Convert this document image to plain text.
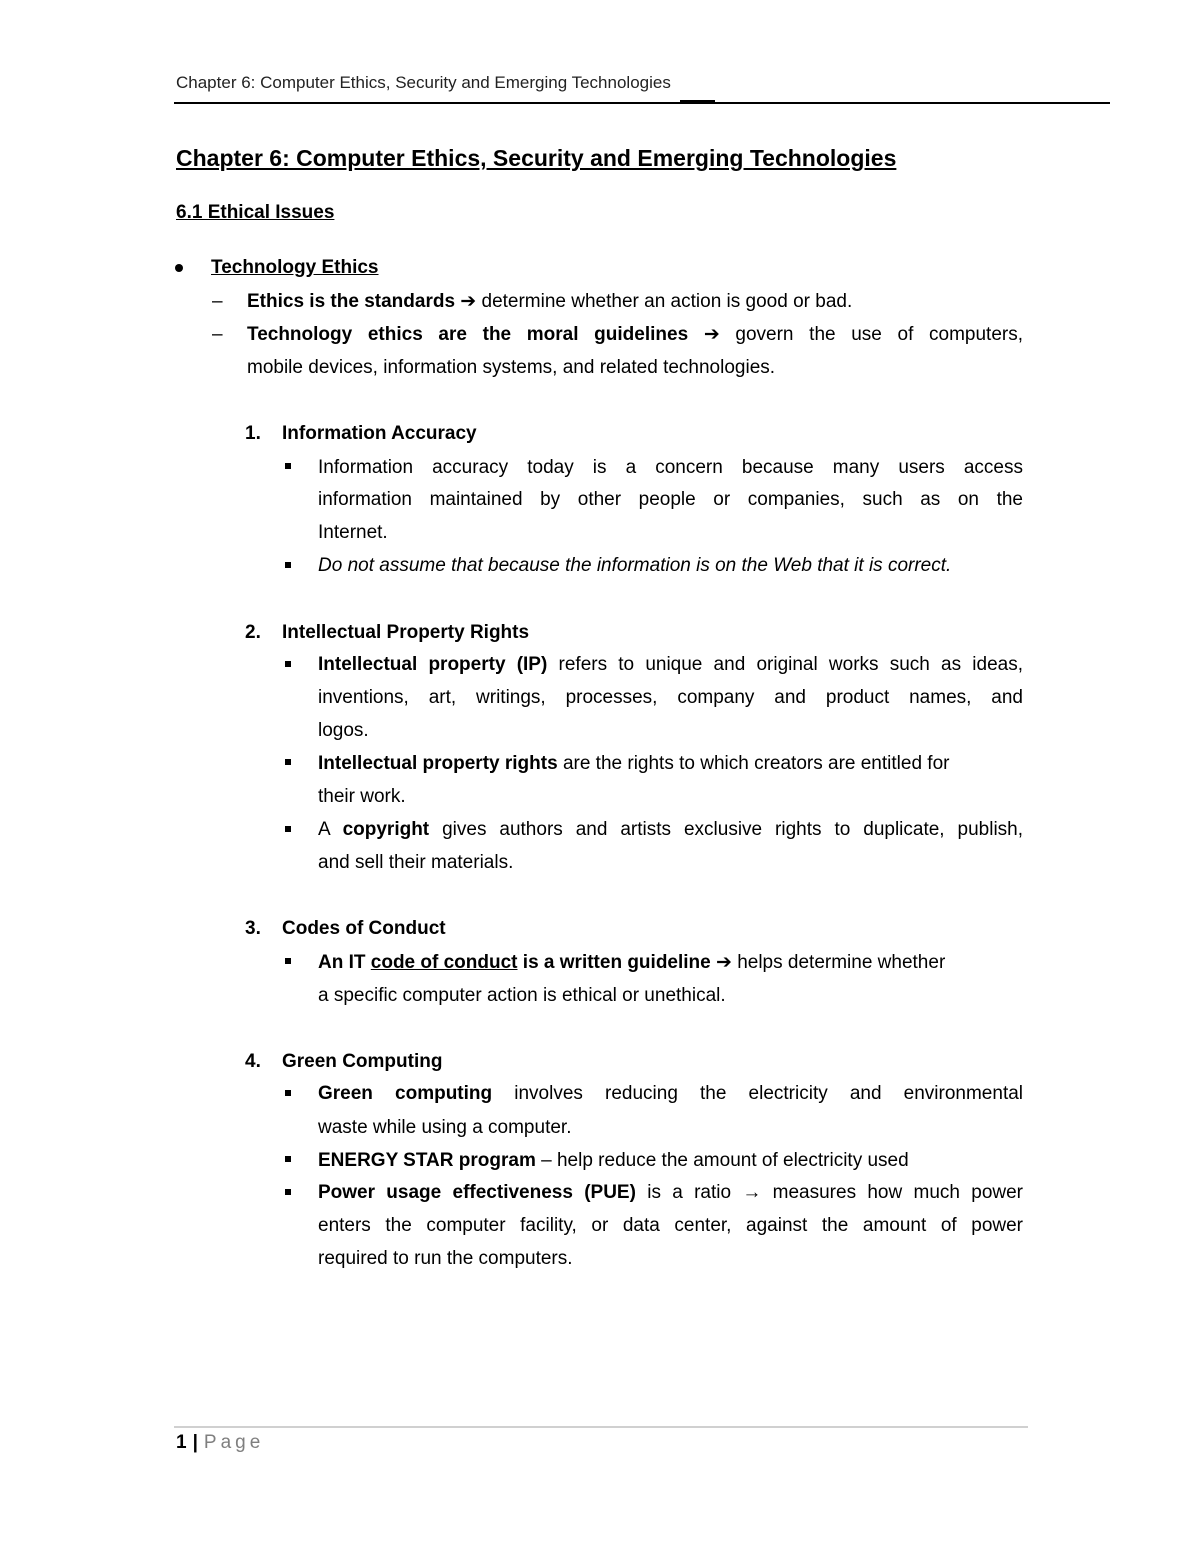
Chapter 6: Computer Ethics, Security and Emerging Technologies
Chapter 6: Computer Ethics, Security and Emerging Technologies
6.1 Ethical Issues
Technology Ethics
– Ethics is the standards ➔ determine whether an action is good or bad.
– Technology ethics are the moral guidelines ➔ govern the use of computers,
mobile devices, information systems, and related technologies.
1. Information Accuracy
Information accuracy today is a concern because many users access
information maintained by other people or companies, such as on the
Internet.
Do not assume that because the information is on the Web that it is correct.
2. Intellectual Property Rights
Intellectual property (IP) refers to unique and original works such as ideas,
inventions, art, writings, processes, company and product names, and
logos.
Intellectual property rights are the rights to which creators are entitled for
their work.
A copyright gives authors and artists exclusive rights to duplicate, publish,
and sell their materials.
3. Codes of Conduct
An IT code of conduct is a written guideline ➔ helps determine whether
a specific computer action is ethical or unethical.
4. Green Computing
Green computing involves reducing the electricity and environmental
waste while using a computer.
ENERGY STAR program – help reduce the amount of electricity used
Power usage effectiveness (PUE) is a ratio → measures how much power
enters the computer facility, or data center, against the amount of power
required to run the computers.
1 | Page
